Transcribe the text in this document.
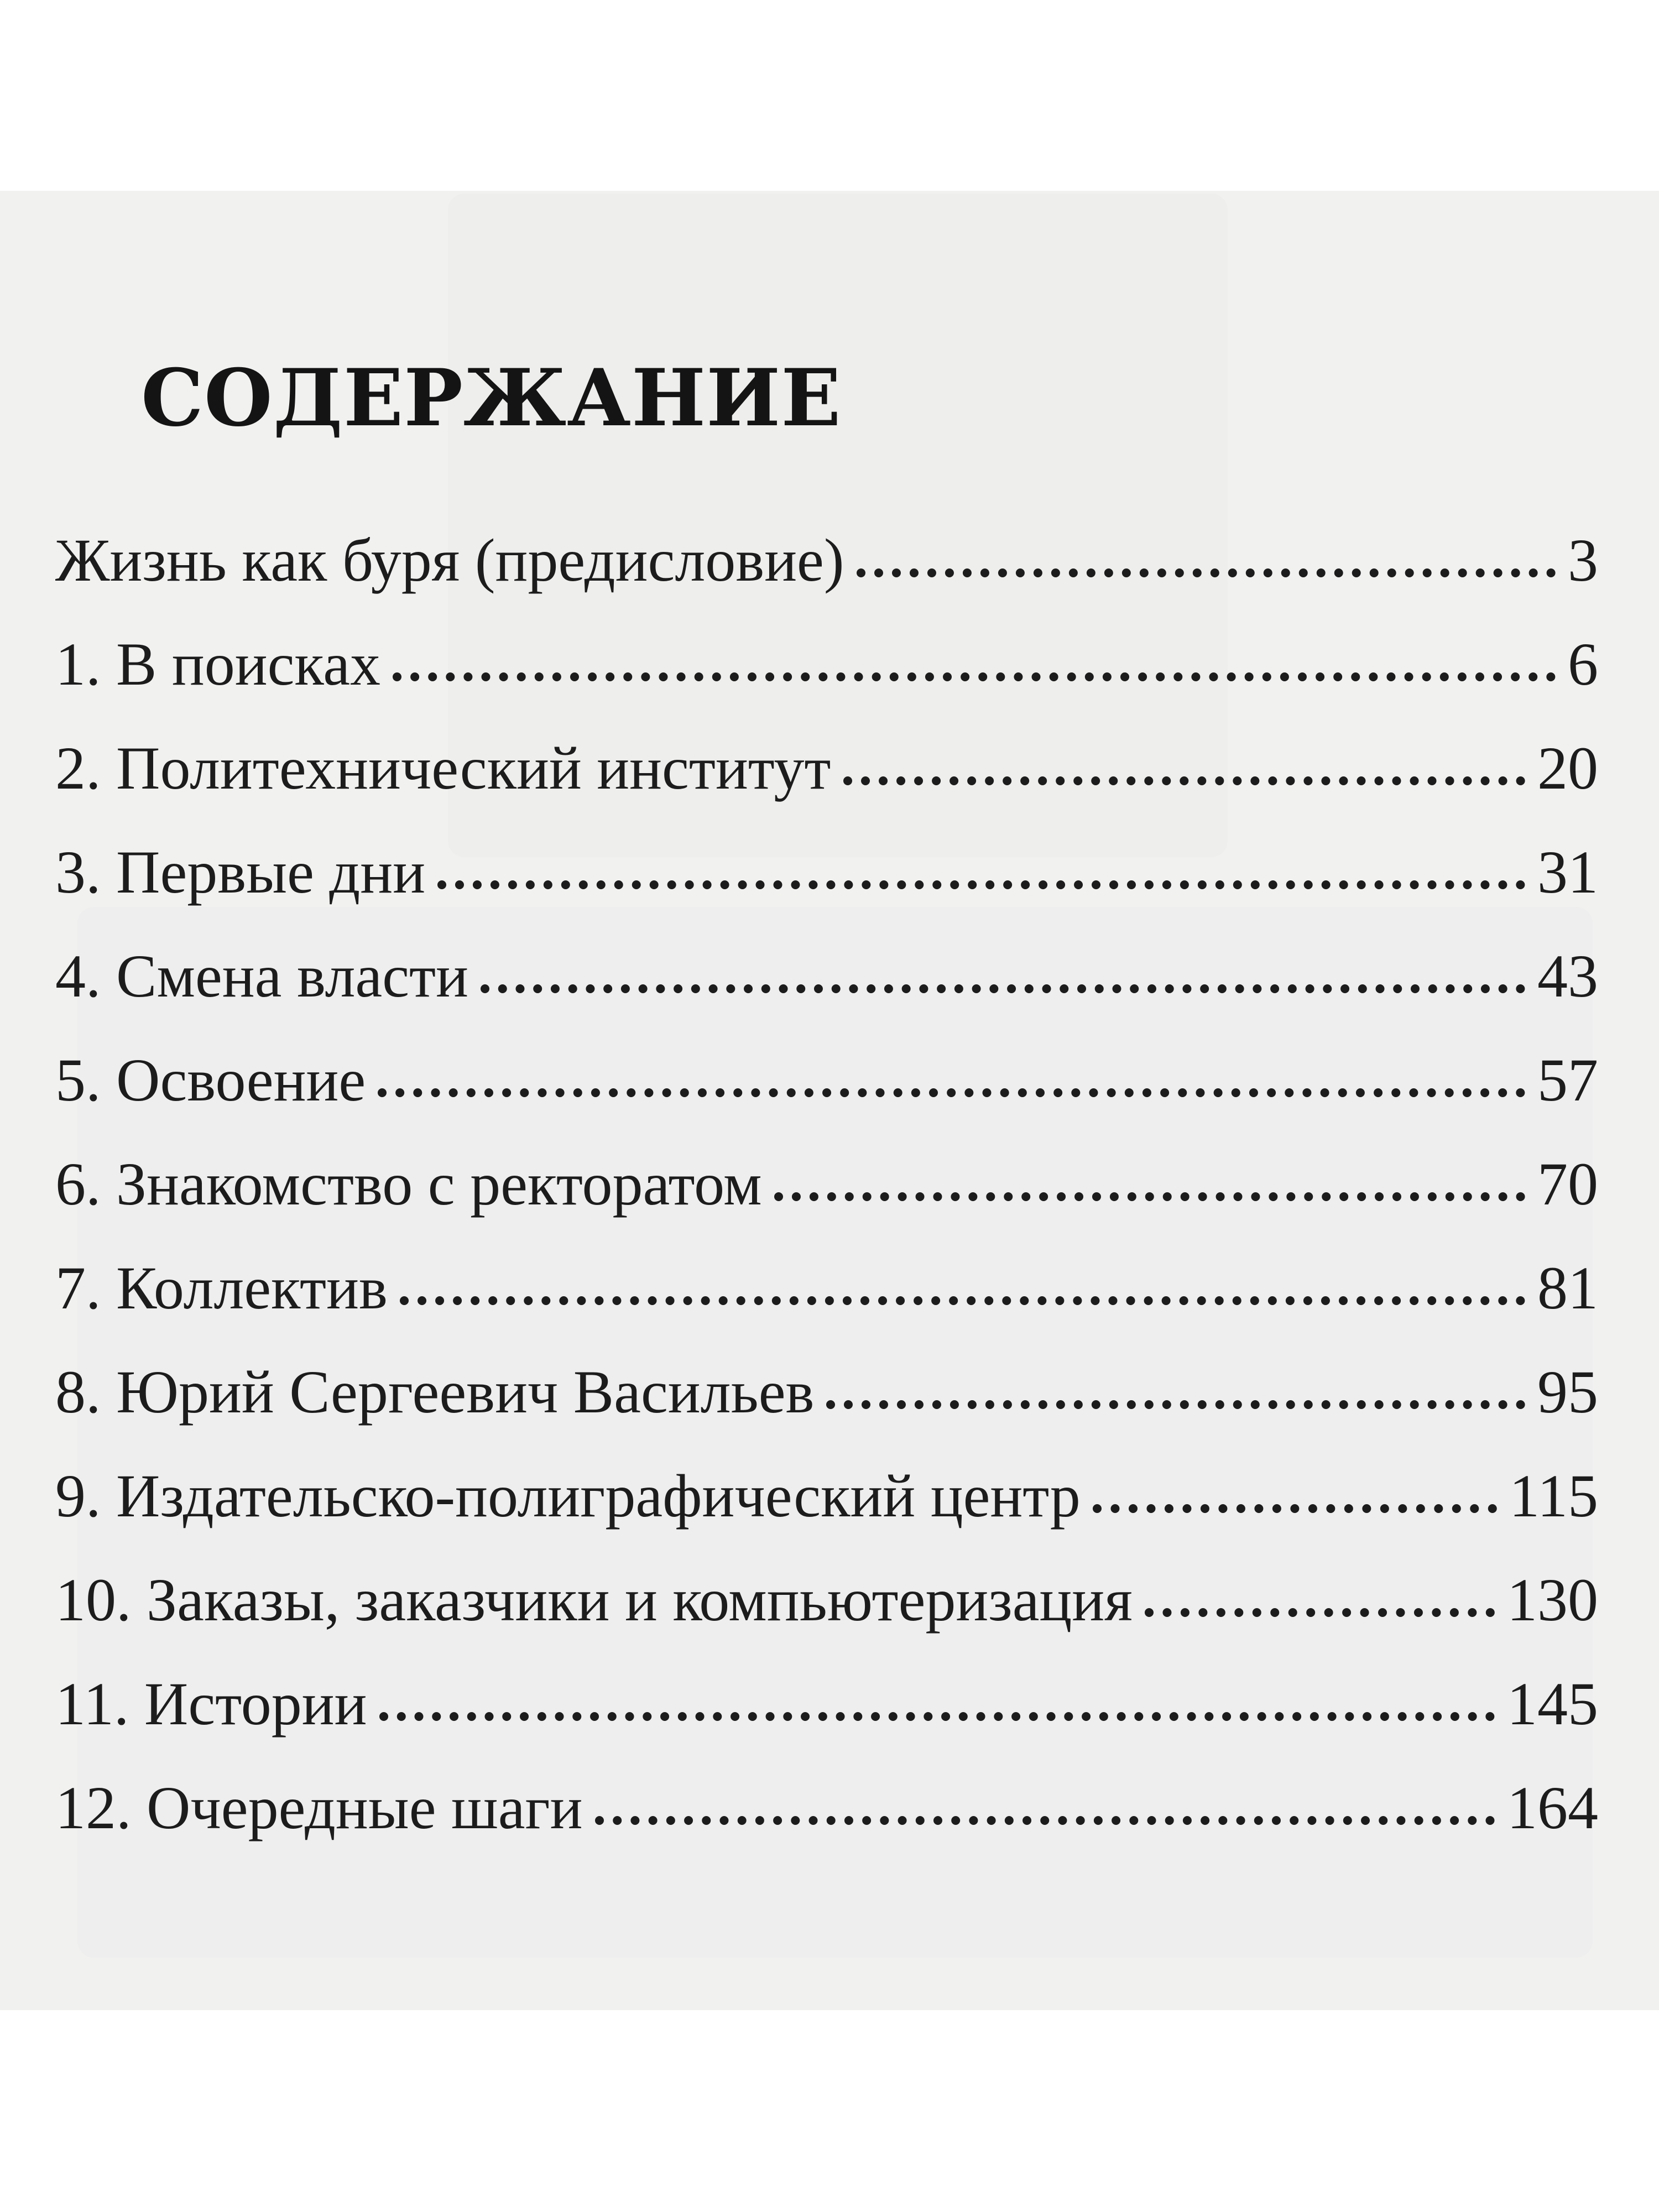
СОДЕРЖАНИЕ
Жизнь как буря (предисловие)	3
1. В поисках	6
2. Политехнический институт	20
3. Первые дни	31
4. Смена власти	43
5. Освоение	57
6. Знакомство с ректоратом	70
7. Коллектив	81
8. Юрий Сергеевич Васильев	95
9. Издательско-полиграфический центр	115
10. Заказы, заказчики и компьютеризация	130
11. Истории	145
12. Очередные шаги	164
